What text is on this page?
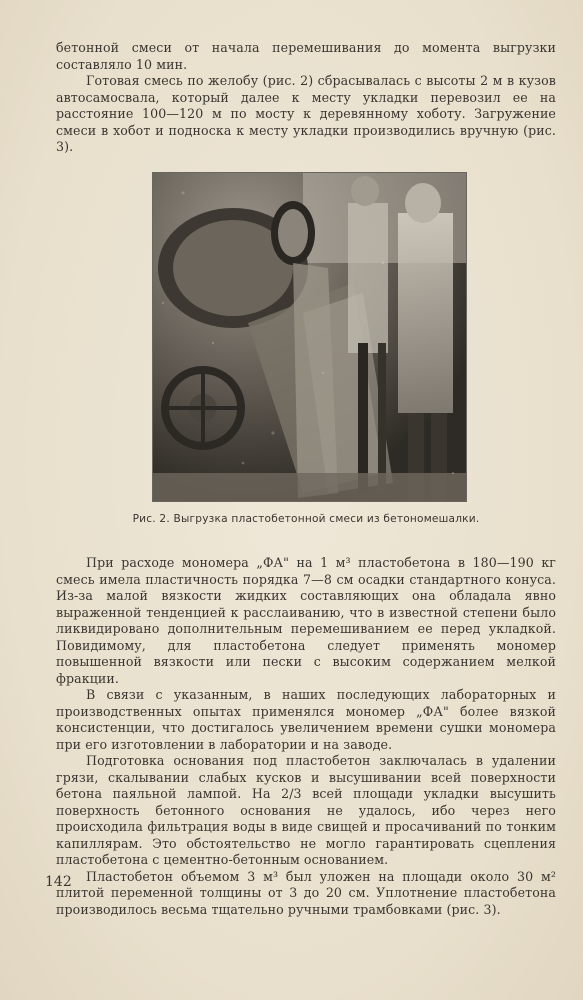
бетонной смеси от начала перемешивания до момента выгрузки составляло 10 мин.

Готовая смесь по желобу (рис. 2) сбрасывалась с высоты 2 м в кузов автосамосвала, который далее к месту укладки перевозил ее на расстояние 100—120 м по мосту к деревянному хоботу. Загружение смеси в хобот и подноска к месту укладки производились вручную (рис. 3).

Рис. 2. Выгрузка пластобетонной смеси из бетономешалки.

При расходе мономера „ФА" на 1 м³ пластобетона в 180—190 кг смесь имела пластичность порядка 7—8 см осадки стандартного конуса. Из-за малой вязкости жидких составляющих она обладала явно выраженной тенденцией к расслаиванию, что в известной степени было ликвидировано дополнительным перемешиванием ее перед укладкой. Повидимому, для пластобетона следует применять мономер повышенной вязкости или пески с высоким содержанием мелкой фракции.

В связи с указанным, в наших последующих лабораторных и производственных опытах применялся мономер „ФА" более вязкой консистенции, что достигалось увеличением времени сушки мономера при его изготовлении в лаборатории и на заводе.

Подготовка основания под пластобетон заключалась в удалении грязи, скалывании слабых кусков и высушивании всей поверхности бетона паяльной лампой. На 2/3 всей площади укладки высушить поверхность бетонного основания не удалось, ибо через него происходила фильтрация воды в виде свищей и просачиваний по тонким капиллярам. Это обстоятельство не могло гарантировать сцепления пластобетона с цементно-бетонным основанием.

Пластобетон объемом 3 м³ был уложен на площади около 30 м² плитой переменной толщины от 3 до 20 см. Уплотнение пластобетона производилось весьма тщательно ручными трамбовками (рис. 3).

142
